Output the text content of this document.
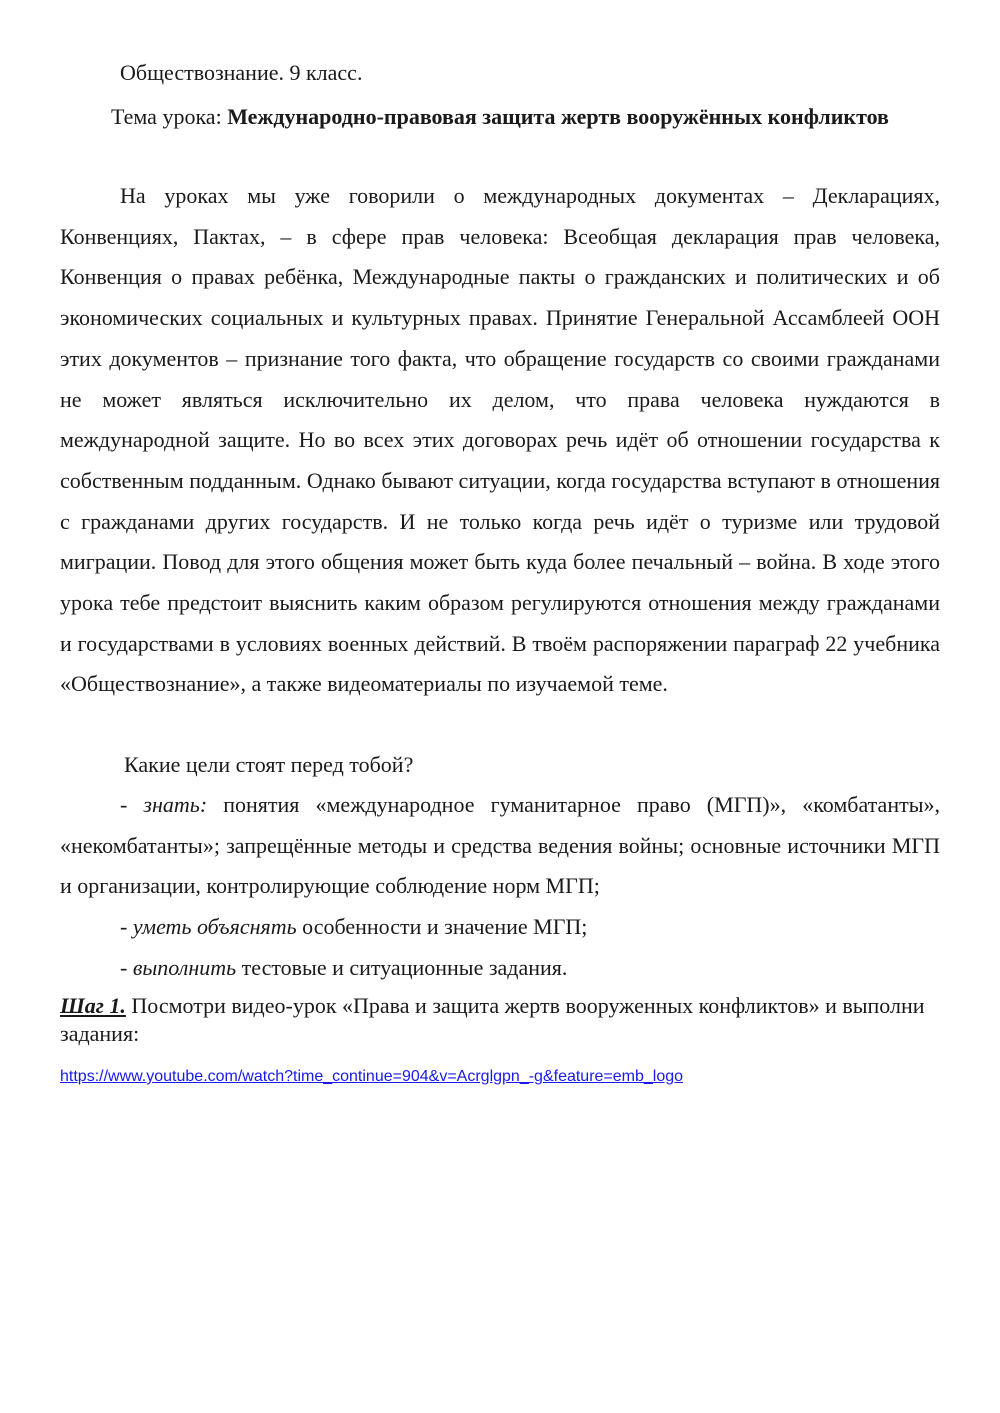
Обществознание. 9 класс.
Тема урока: Международно-правовая защита жертв вооружённых конфликтов

На уроках мы уже говорили о международных документах – Декларациях, Конвенциях, Пактах, – в сфере прав человека: Всеобщая декларация прав человека, Конвенция о правах ребёнка, Международные пакты о гражданских и политических и об экономических социальных и культурных правах. Принятие Генеральной Ассамблеей ООН этих документов – признание того факта, что обращение государств со своими гражданами не может являться исключительно их делом, что права человека нуждаются в международной защите. Но во всех этих договорах речь идёт об отношении государства к собственным подданным. Однако бывают ситуации, когда государства вступают в отношения с гражданами других государств. И не только когда речь идёт о туризме или трудовой миграции. Повод для этого общения может быть куда более печальный – война. В ходе этого урока тебе предстоит выяснить каким образом регулируются отношения между гражданами и государствами в условиях военных действий. В твоём распоряжении параграф 22 учебника «Обществознание», а также видеоматериалы по изучаемой теме.

Какие цели стоят перед тобой?

- знать: понятия «международное гуманитарное право (МГП)», «комбатанты», «некомбатанты»; запрещённые методы и средства ведения войны; основные источники МГП и организации, контролирующие соблюдение норм МГП;

- уметь объяснять особенности и значение МГП;

- выполнить тестовые и ситуационные задания.

Шаг 1. Посмотри видео-урок «Права и защита жертв вооруженных конфликтов» и выполни задания:

https://www.youtube.com/watch?time_continue=904&v=Acrglgpn_-g&feature=emb_logo
